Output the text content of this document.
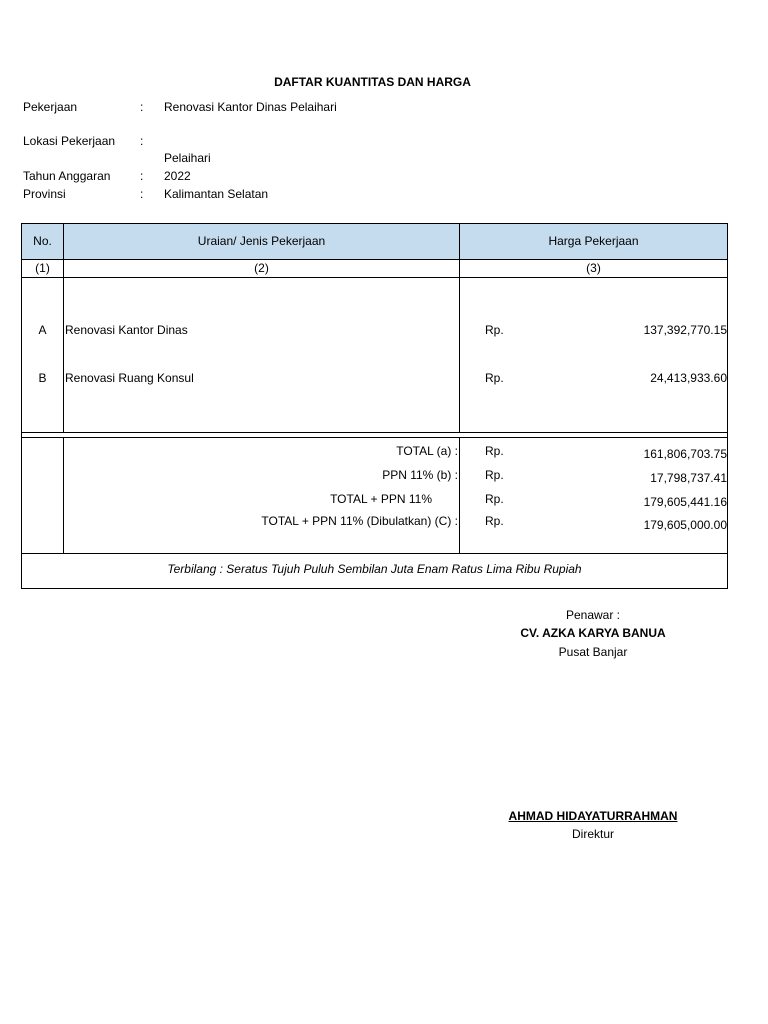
DAFTAR KUANTITAS DAN HARGA
Pekerjaan	: Renovasi Kantor Dinas Pelaihari
Lokasi Pekerjaan :
Pelaihari
Tahun Anggaran : 2022
Provinsi	: Kalimantan Selatan
No.	Uraian/ Jenis Pekerjaan	Harga Pekerjaan
(1)	(2)	(3)
A	Renovasi Kantor Dinas	Rp.	137,392,770.15
B	Renovasi Ruang Konsul	Rp.	24,413,933.60
TOTAL (a) : Rp.	161,806,703.75
PPN 11% (b) : Rp.	17,798,737.41
TOTAL + PPN 11%	Rp.	179,605,441.16
TOTAL + PPN 11% (Dibulatkan) (C) : Rp.	179,605,000.00
Terbilang : Seratus Tujuh Puluh Sembilan Juta Enam Ratus Lima Ribu Rupiah
Penawar :
CV. AZKA KARYA BANUA
Pusat Banjar
AHMAD HIDAYATURRAHMAN
Direktur
